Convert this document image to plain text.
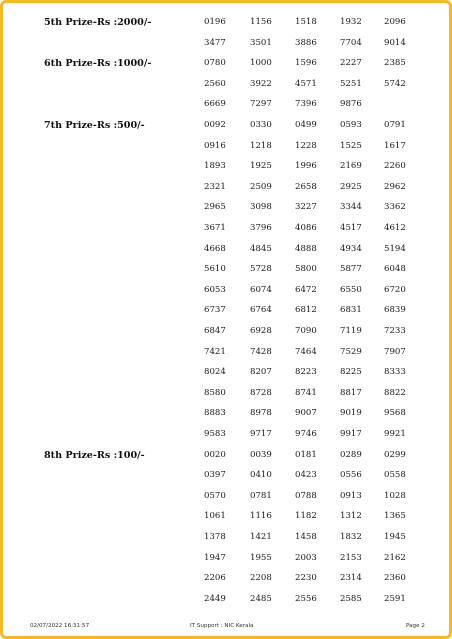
5th Prize-Rs :2000/-	0196	1156	1518	1932	2096
3477	3501	3886	7704	9014
6th Prize-Rs :1000/-	0780	1000	1596	2227	2385
2560	3922	4571	5251	5742
6669	7297	7396	9876
7th Prize-Rs :500/-	0092	0330	0499	0593	0791
0916	1218	1228	1525	1617
1893	1925	1996	2169	2260
2321	2509	2658	2925	2962
2965	3098	3227	3344	3362
3671	3796	4086	4517	4612
4668	4845	4888	4934	5194
5610	5728	5800	5877	6048
6053	6074	6472	6550	6720
6737	6764	6812	6831	6839
6847	6928	7090	7119	7233
7421	7428	7464	7529	7907
8024	8207	8223	8225	8333
8580	8728	8741	8817	8822
8883	8978	9007	9019	9568
9583	9717	9746	9917	9921
8th Prize-Rs :100/-	0020	0039	0181	0289	0299
0397	0410	0423	0556	0558
0570	0781	0788	0913	1028
1061	1116	1182	1312	1365
1378	1421	1458	1832	1945
1947	1955	2003	2153	2162
2206	2208	2230	2314	2360
2449	2485	2556	2585	2591
02/07/2022 16:31:57	IT Support : NIC Kerala	Page 2
